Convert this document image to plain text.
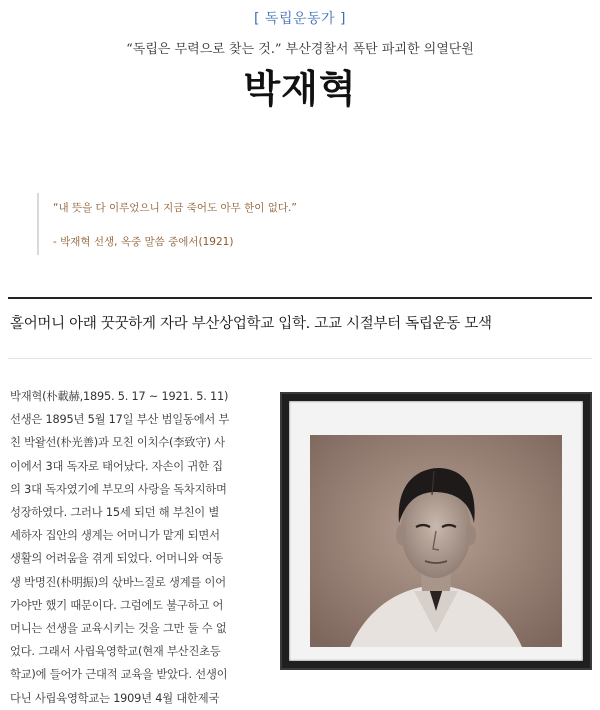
[ 독립운동가 ]
“독립은 무력으로 찾는 것.” 부산경찰서 폭탄 파괴한 의열단원
박재혁
“내 뜻을 다 이루었으니 지금 죽어도 아무 한이 없다.”
- 박재혁 선생, 옥중 말씀 중에서(1921)
홀어머니 아래 꿋꿋하게 자라 부산상업학교 입학. 고교 시절부터 독립운동 모색

박재혁(朴載赫,1895. 5. 17 ~ 1921. 5. 11)

선생은 1895년 5월 17일 부산 범일동에서 부

친 박왈선(朴光善)과 모친 이치수(李致守) 사

이에서 3대 독자로 태어났다. 자손이 귀한 집

의 3대 독자였기에 부모의 사랑을 독차지하며

성장하였다. 그러나 15세 되던 해 부친이 별

세하자 집안의 생계는 어머니가 맡게 되면서

생활의 어려움을 겪게 되었다. 어머니와 여동

생 박명진(朴明振)의 삯바느질로 생계를 이어

가야만 했기 때문이다. 그럼에도 불구하고 어

머니는 선생을 교육시키는 것을 그만 둘 수 없

었다. 그래서 사립육영학교(현재 부산진초등

학교)에 들어가 근대적 교육을 받았다. 선생이

다닌 사립육영학교는 1909년 4월 대한제국
